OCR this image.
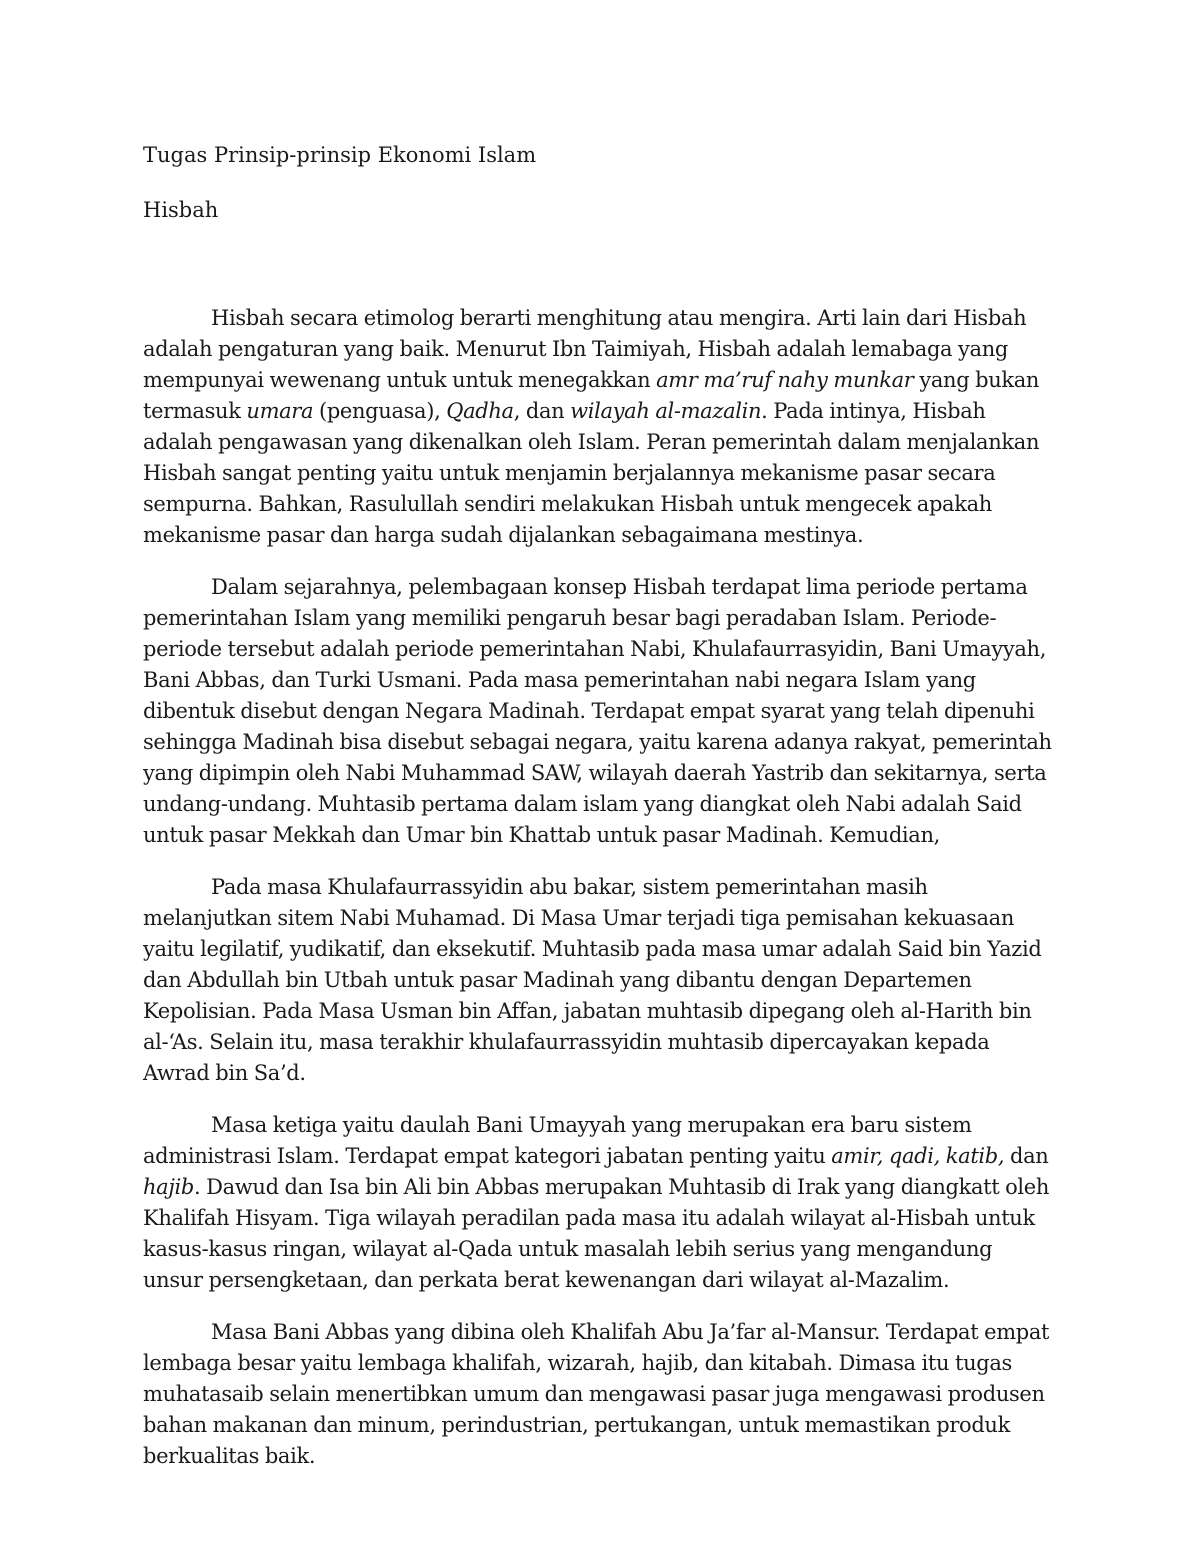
Tugas Prinsip-prinsip Ekonomi Islam
Hisbah

Hisbah secara etimolog berarti menghitung atau mengira. Arti lain dari Hisbah adalah pengaturan yang baik. Menurut Ibn Taimiyah, Hisbah adalah lemabaga yang mempunyai wewenang untuk untuk menegakkan amr ma’ruf nahy munkar yang bukan termasuk umara (penguasa), Qadha, dan wilayah al-mazalin. Pada intinya, Hisbah adalah pengawasan yang dikenalkan oleh Islam. Peran pemerintah dalam menjalankan Hisbah sangat penting yaitu untuk menjamin berjalannya mekanisme pasar secara sempurna. Bahkan, Rasulullah sendiri melakukan Hisbah untuk mengecek apakah mekanisme pasar dan harga sudah dijalankan sebagaimana mestinya.

Dalam sejarahnya, pelembagaan konsep Hisbah terdapat lima periode pertama pemerintahan Islam yang memiliki pengaruh besar bagi peradaban Islam. Periode-periode tersebut adalah periode pemerintahan Nabi, Khulafaurrasyidin, Bani Umayyah, Bani Abbas, dan Turki Usmani. Pada masa pemerintahan nabi negara Islam yang dibentuk disebut dengan Negara Madinah. Terdapat empat syarat yang telah dipenuhi sehingga Madinah bisa disebut sebagai negara, yaitu karena adanya rakyat, pemerintah yang dipimpin oleh Nabi Muhammad SAW, wilayah daerah Yastrib dan sekitarnya, serta undang-undang. Muhtasib pertama dalam islam yang diangkat oleh Nabi adalah Said untuk pasar Mekkah dan Umar bin Khattab untuk pasar Madinah. Kemudian,

Pada masa Khulafaurrassyidin abu bakar, sistem pemerintahan masih melanjutkan sitem Nabi Muhamad. Di Masa Umar terjadi tiga pemisahan kekuasaan yaitu legilatif, yudikatif, dan eksekutif. Muhtasib pada masa umar adalah Said bin Yazid dan Abdullah bin Utbah untuk pasar Madinah yang dibantu dengan Departemen Kepolisian. Pada Masa Usman bin Affan, jabatan muhtasib dipegang oleh al-Harith bin al-‘As. Selain itu, masa terakhir khulafaurrassyidin muhtasib dipercayakan kepada Awrad bin Sa’d.

Masa ketiga yaitu daulah Bani Umayyah yang merupakan era baru sistem administrasi Islam. Terdapat empat kategori jabatan penting yaitu amir, qadi, katib, dan hajib. Dawud dan Isa bin Ali bin Abbas merupakan Muhtasib di Irak yang diangkatt oleh Khalifah Hisyam. Tiga wilayah peradilan pada masa itu adalah wilayat al-Hisbah untuk kasus-kasus ringan, wilayat al-Qada untuk masalah lebih serius yang mengandung unsur persengketaan, dan perkata berat kewenangan dari wilayat al-Mazalim.

Masa Bani Abbas yang dibina oleh Khalifah Abu Ja’far al-Mansur. Terdapat empat lembaga besar yaitu lembaga khalifah, wizarah, hajib, dan kitabah. Dimasa itu tugas muhatasaib selain menertibkan umum dan mengawasi pasar juga mengawasi produsen bahan makanan dan minum, perindustrian, pertukangan, untuk memastikan produk berkualitas baik.
